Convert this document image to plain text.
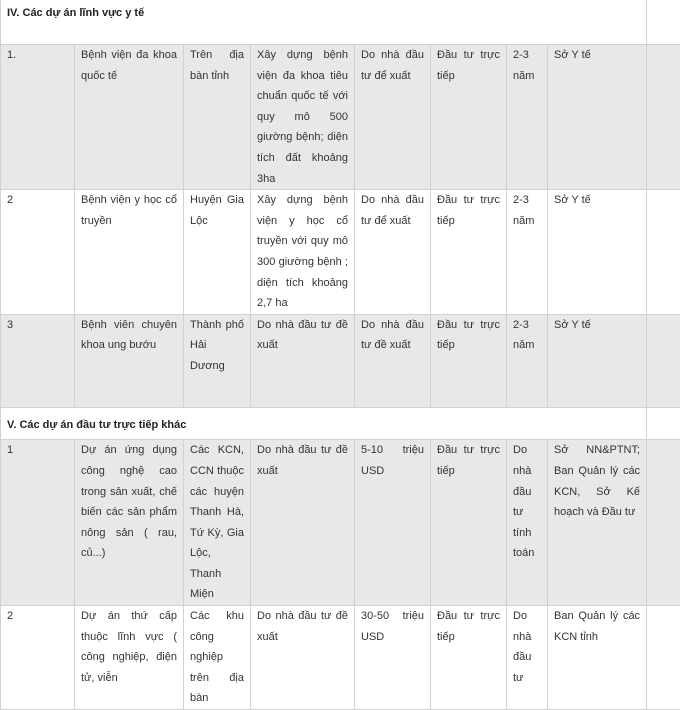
IV. Các dự án lĩnh vực y tế								
1.	Bệnh viện đa khoa quốc tế	Trên địa bàn tỉnh	Xây dựng bệnh viện đa khoa tiêu chuẩn quốc tế với quy mô 500 giường bệnh; diện tích đất khoảng 3ha	Do nhà đầu tư để xuất	Đầu tư trực tiếp	2-3 năm	Sở Y tế	
2	Bệnh viện y học cổ truyền	Huyện Gia Lộc	Xây dựng bệnh viện y học cổ truyền với quy mô 300 giường bệnh ; diện tích khoảng 2,7 ha	Do nhà đầu tư để xuất	Đầu tư trực tiếp	2-3 năm	Sở Y tế	
3	Bệnh viên chuyên khoa ung bướu	Thành phố Hải Dương	Do nhà đầu tư đề xuất	Do nhà đầu tư đề xuất	Đầu tư trực tiếp	2-3 năm	Sở Y tế	
V. Các dự án đầu tư trực tiếp khác								
1	Dự án ứng dụng công nghệ cao trong sản xuất, chế biến các sản phẩm nông sản ( rau, củ...)	Các KCN, CCN thuộc các huyện Thanh Hà, Tứ Kỳ, Gia Lộc, Thanh Miện	Do nhà đầu tư đề xuất	5-10 triệu USD	Đầu tư trực tiếp	Do nhà đầu tư tính toán	Sở NN&PTNT; Ban Quản lý các KCN, Sở Kế hoạch và Đầu tư	
2	Dự án thứ cấp thuộc lĩnh vực ( công nghiệp, điện tử, viễn	Các khu công nghiệp trên địa bàn	Do nhà đầu tư đề xuất	30-50 triệu USD	Đầu tư trực tiếp	Do nhà đầu tư	Ban Quản lý các KCN tỉnh	
